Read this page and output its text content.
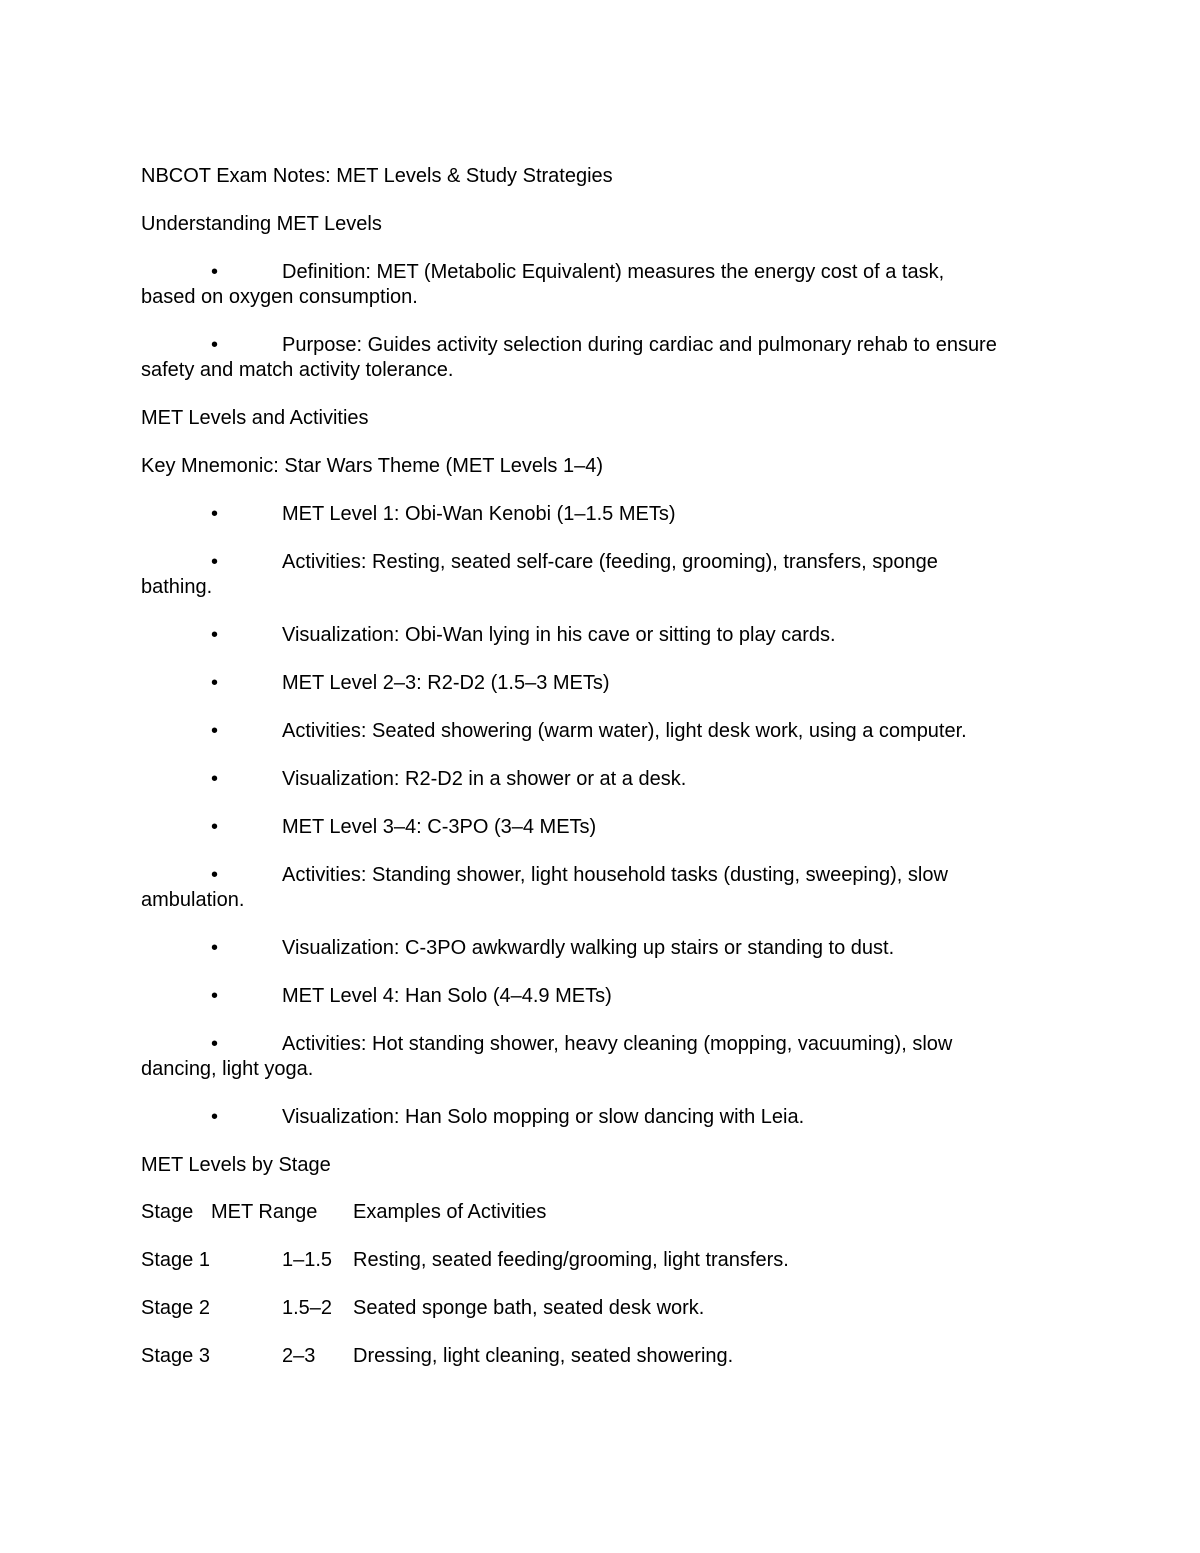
NBCOT Exam Notes: MET Levels & Study Strategies
Understanding MET Levels
•	Definition: MET (Metabolic Equivalent) measures the energy cost of a task,
based on oxygen consumption.
•	Purpose: Guides activity selection during cardiac and pulmonary rehab to ensure
safety and match activity tolerance.
MET Levels and Activities
Key Mnemonic: Star Wars Theme (MET Levels 1–4)
•	MET Level 1: Obi-Wan Kenobi (1–1.5 METs)
•	Activities: Resting, seated self-care (feeding, grooming), transfers, sponge
bathing.
•	Visualization: Obi-Wan lying in his cave or sitting to play cards.
•	MET Level 2–3: R2-D2 (1.5–3 METs)
•	Activities: Seated showering (warm water), light desk work, using a computer.
•	Visualization: R2-D2 in a shower or at a desk.
•	MET Level 3–4: C-3PO (3–4 METs)
•	Activities: Standing shower, light household tasks (dusting, sweeping), slow
ambulation.
•	Visualization: C-3PO awkwardly walking up stairs or standing to dust.
•	MET Level 4: Han Solo (4–4.9 METs)
•	Activities: Hot standing shower, heavy cleaning (mopping, vacuuming), slow
dancing, light yoga.
•	Visualization: Han Solo mopping or slow dancing with Leia.
MET Levels by Stage
Stage MET Range Examples of Activities
Stage 1	1–1.5 Resting, seated feeding/grooming, light transfers.
Stage 2	1.5–2 Seated sponge bath, seated desk work.
Stage 3	2–3 Dressing, light cleaning, seated showering.
